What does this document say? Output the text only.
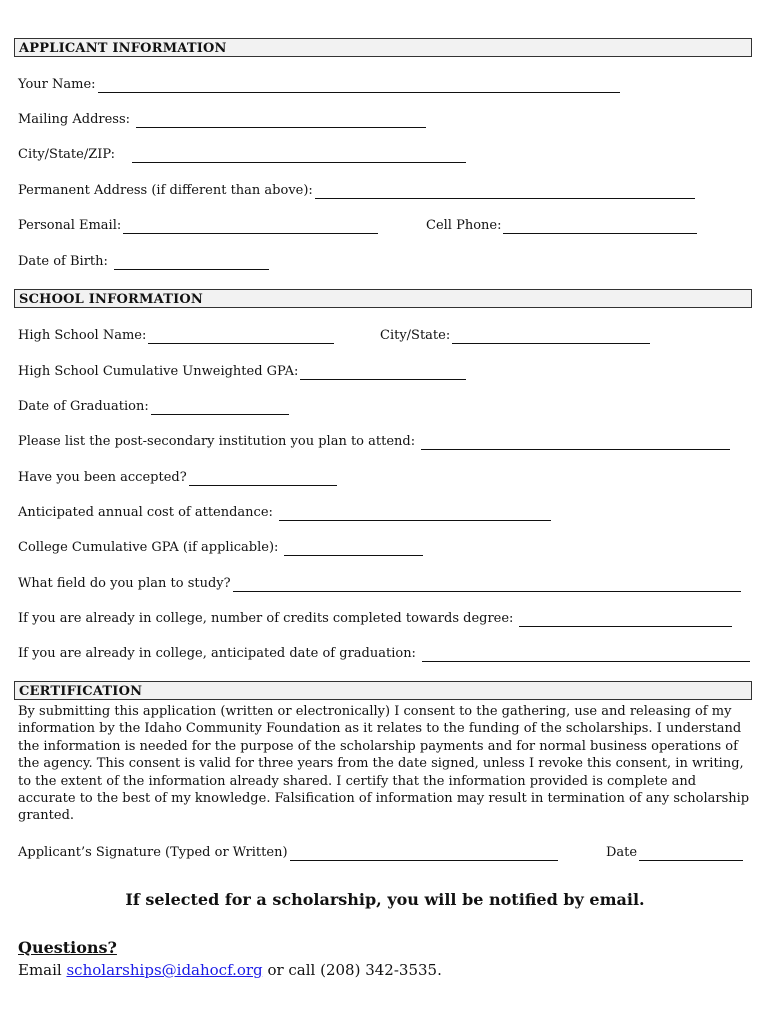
APPLICANT INFORMATION
Your Name:
Mailing Address:
City/State/ZIP:
Permanent Address (if different than above):
Personal Email:	Cell Phone:
Date of Birth:
SCHOOL INFORMATION
High School Name:	City/State:
High School Cumulative Unweighted GPA:
Date of Graduation:
Please list the post-secondary institution you plan to attend:
Have you been accepted?
Anticipated annual cost of attendance:
College Cumulative GPA (if applicable):
What field do you plan to study?
If you are already in college, number of credits completed towards degree:
If you are already in college, anticipated date of graduation:
CERTIFICATION
By submitting this application (written or electronically) I consent to the gathering, use and releasing of my information by the Idaho Community Foundation as it relates to the funding of the scholarships. I understand the information is needed for the purpose of the scholarship payments and for normal business operations of the agency. This consent is valid for three years from the date signed, unless I revoke this consent, in writing, to the extent of the information already shared. I certify that the information provided is complete and accurate to the best of my knowledge. Falsification of information may result in termination of any scholarship granted.
Applicant’s Signature (Typed or Written)	Date
If selected for a scholarship, you will be notified by email.
Questions?
Email scholarships@idahocf.org or call (208) 342-3535.
